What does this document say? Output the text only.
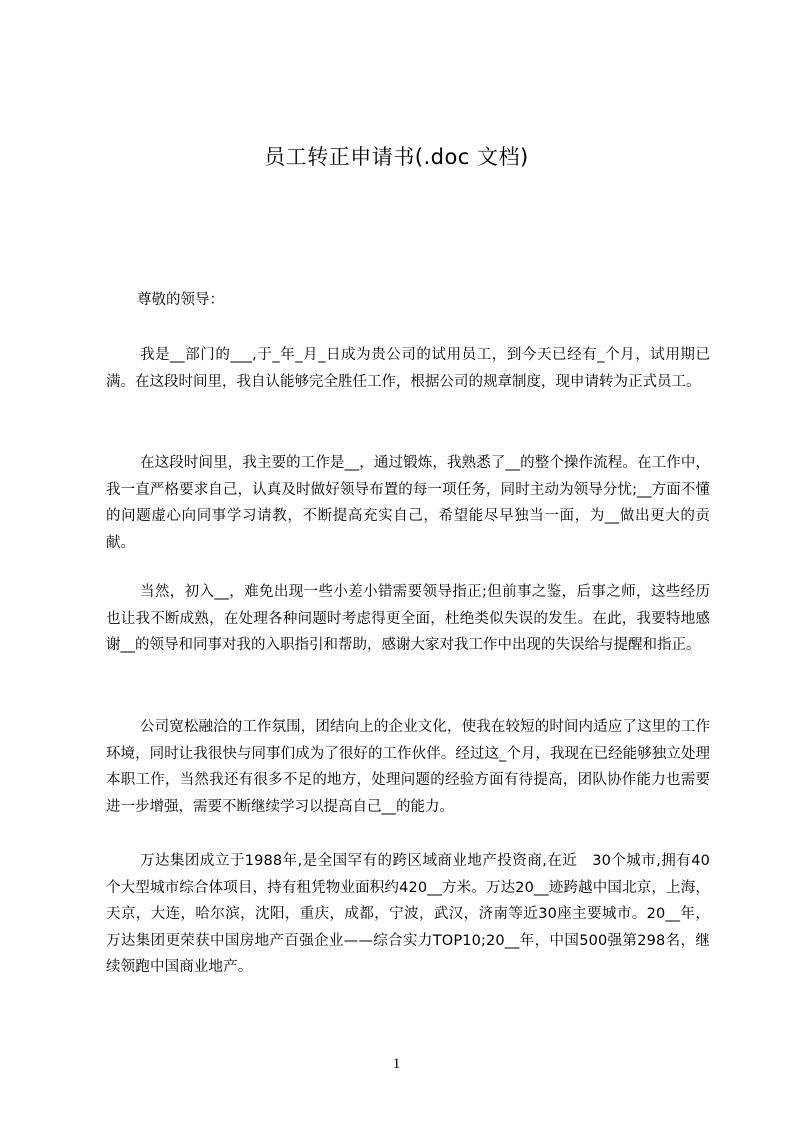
员工转正申请书(.doc 文档)
尊敬的领导：

我是__部门的___,于_年_月_日成为贵公司的试用员工，到今天已经有_个月，试用期已满。在这段时间里，我自认能够完全胜任工作，根据公司的规章制度，现申请转为正式员工。

在这段时间里，我主要的工作是__，通过锻炼，我熟悉了__的整个操作流程。在工作中，我一直严格要求自己，认真及时做好领导布置的每一项任务，同时主动为领导分忧;__方面不懂的问题虚心向同事学习请教，不断提高充实自己，希望能尽早独当一面，为__做出更大的贡献。

当然，初入__，难免出现一些小差小错需要领导指正;但前事之鉴，后事之师，这些经历也让我不断成熟，在处理各种问题时考虑得更全面，杜绝类似失误的发生。在此，我要特地感谢__的领导和同事对我的入职指引和帮助，感谢大家对我工作中出现的失误给与提醒和指正。

公司宽松融洽的工作氛围，团结向上的企业文化，使我在较短的时间内适应了这里的工作环境，同时让我很快与同事们成为了很好的工作伙伴。经过这_个月，我现在已经能够独立处理本职工作，当然我还有很多不足的地方，处理问题的经验方面有待提高，团队协作能力也需要进一步增强，需要不断继续学习以提高自己__的能力。

万达集团成立于1988年,是全国罕有的跨区域商业地产投资商,在近　30个城市,拥有40个大型城市综合体项目，持有租凭物业面积约420__方米。万达20__迹跨越中国北京，上海，天京，大连，哈尔滨，沈阳，重庆，成都，宁波，武汉，济南等近30座主要城市。20__年，万达集团更荣获中国房地产百强企业——综合实力TOP10;20__年，中国500强第298名，继续领跑中国商业地产。

1
